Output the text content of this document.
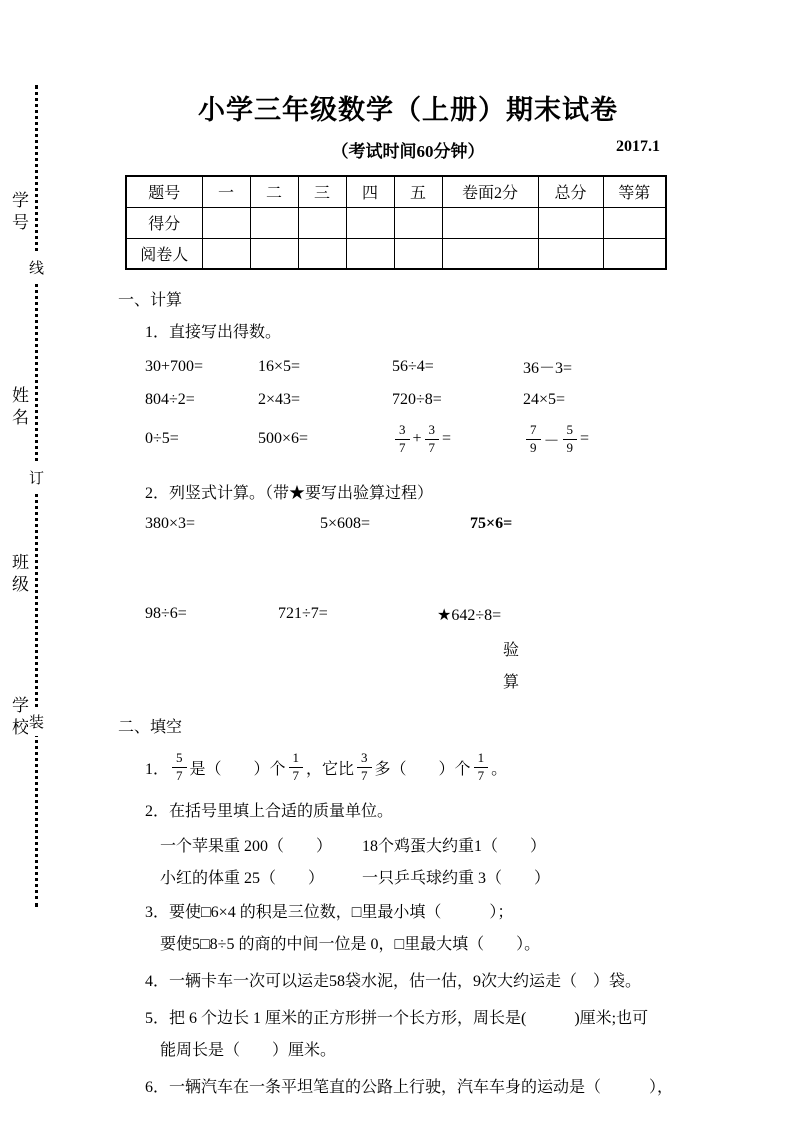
学号
姓名
班级
学校
线
订
装
小学三年级数学（上册）期末试卷
（考试时间60分钟）	2017.1
题号	一	二	三	四	五	卷面2分	总分	等第
得分								
阅卷人								
一、计算
1．直接写出得数。
30+700=	16×5=	56÷4=	36－3=
804÷2=	2×43=	720÷8=	24×5=
0÷5=	500×6=	$\frac{3}{7} + \frac{3}{7}$ =	$\frac{7}{9} - \frac{5}{9}$ =
2．列竖式计算。（带★要写出验算过程）
380×3=	5×608=	75×6=
98÷6=	721÷7=	★642÷8=
验
算
二、填空
1． $\frac{5}{7}$ 是（　　）个 $\frac{1}{7}$ ，它比 $\frac{3}{7}$ 多（　　）个 $\frac{1}{7}$ 。
2．在括号里填上合适的质量单位。
一个苹果重 200（　　）	18个鸡蛋大约重1（　　）
小红的体重 25（　　）	一只乒乓球约重 3（　　）
3．要使□6×4 的积是三位数，□里最小填（　　　）；
要使5□8÷5 的商的中间一位是 0，□里最大填（　　）。
4．一辆卡车一次可以运走58袋水泥，估一估，9次大约运走（　）袋。
5．把 6 个边长 1 厘米的正方形拼一个长方形，周长是(　　　)厘米;也可
能周长是（　　）厘米。
6．一辆汽车在一条平坦笔直的公路上行驶，汽车车身的运动是（　　　），
